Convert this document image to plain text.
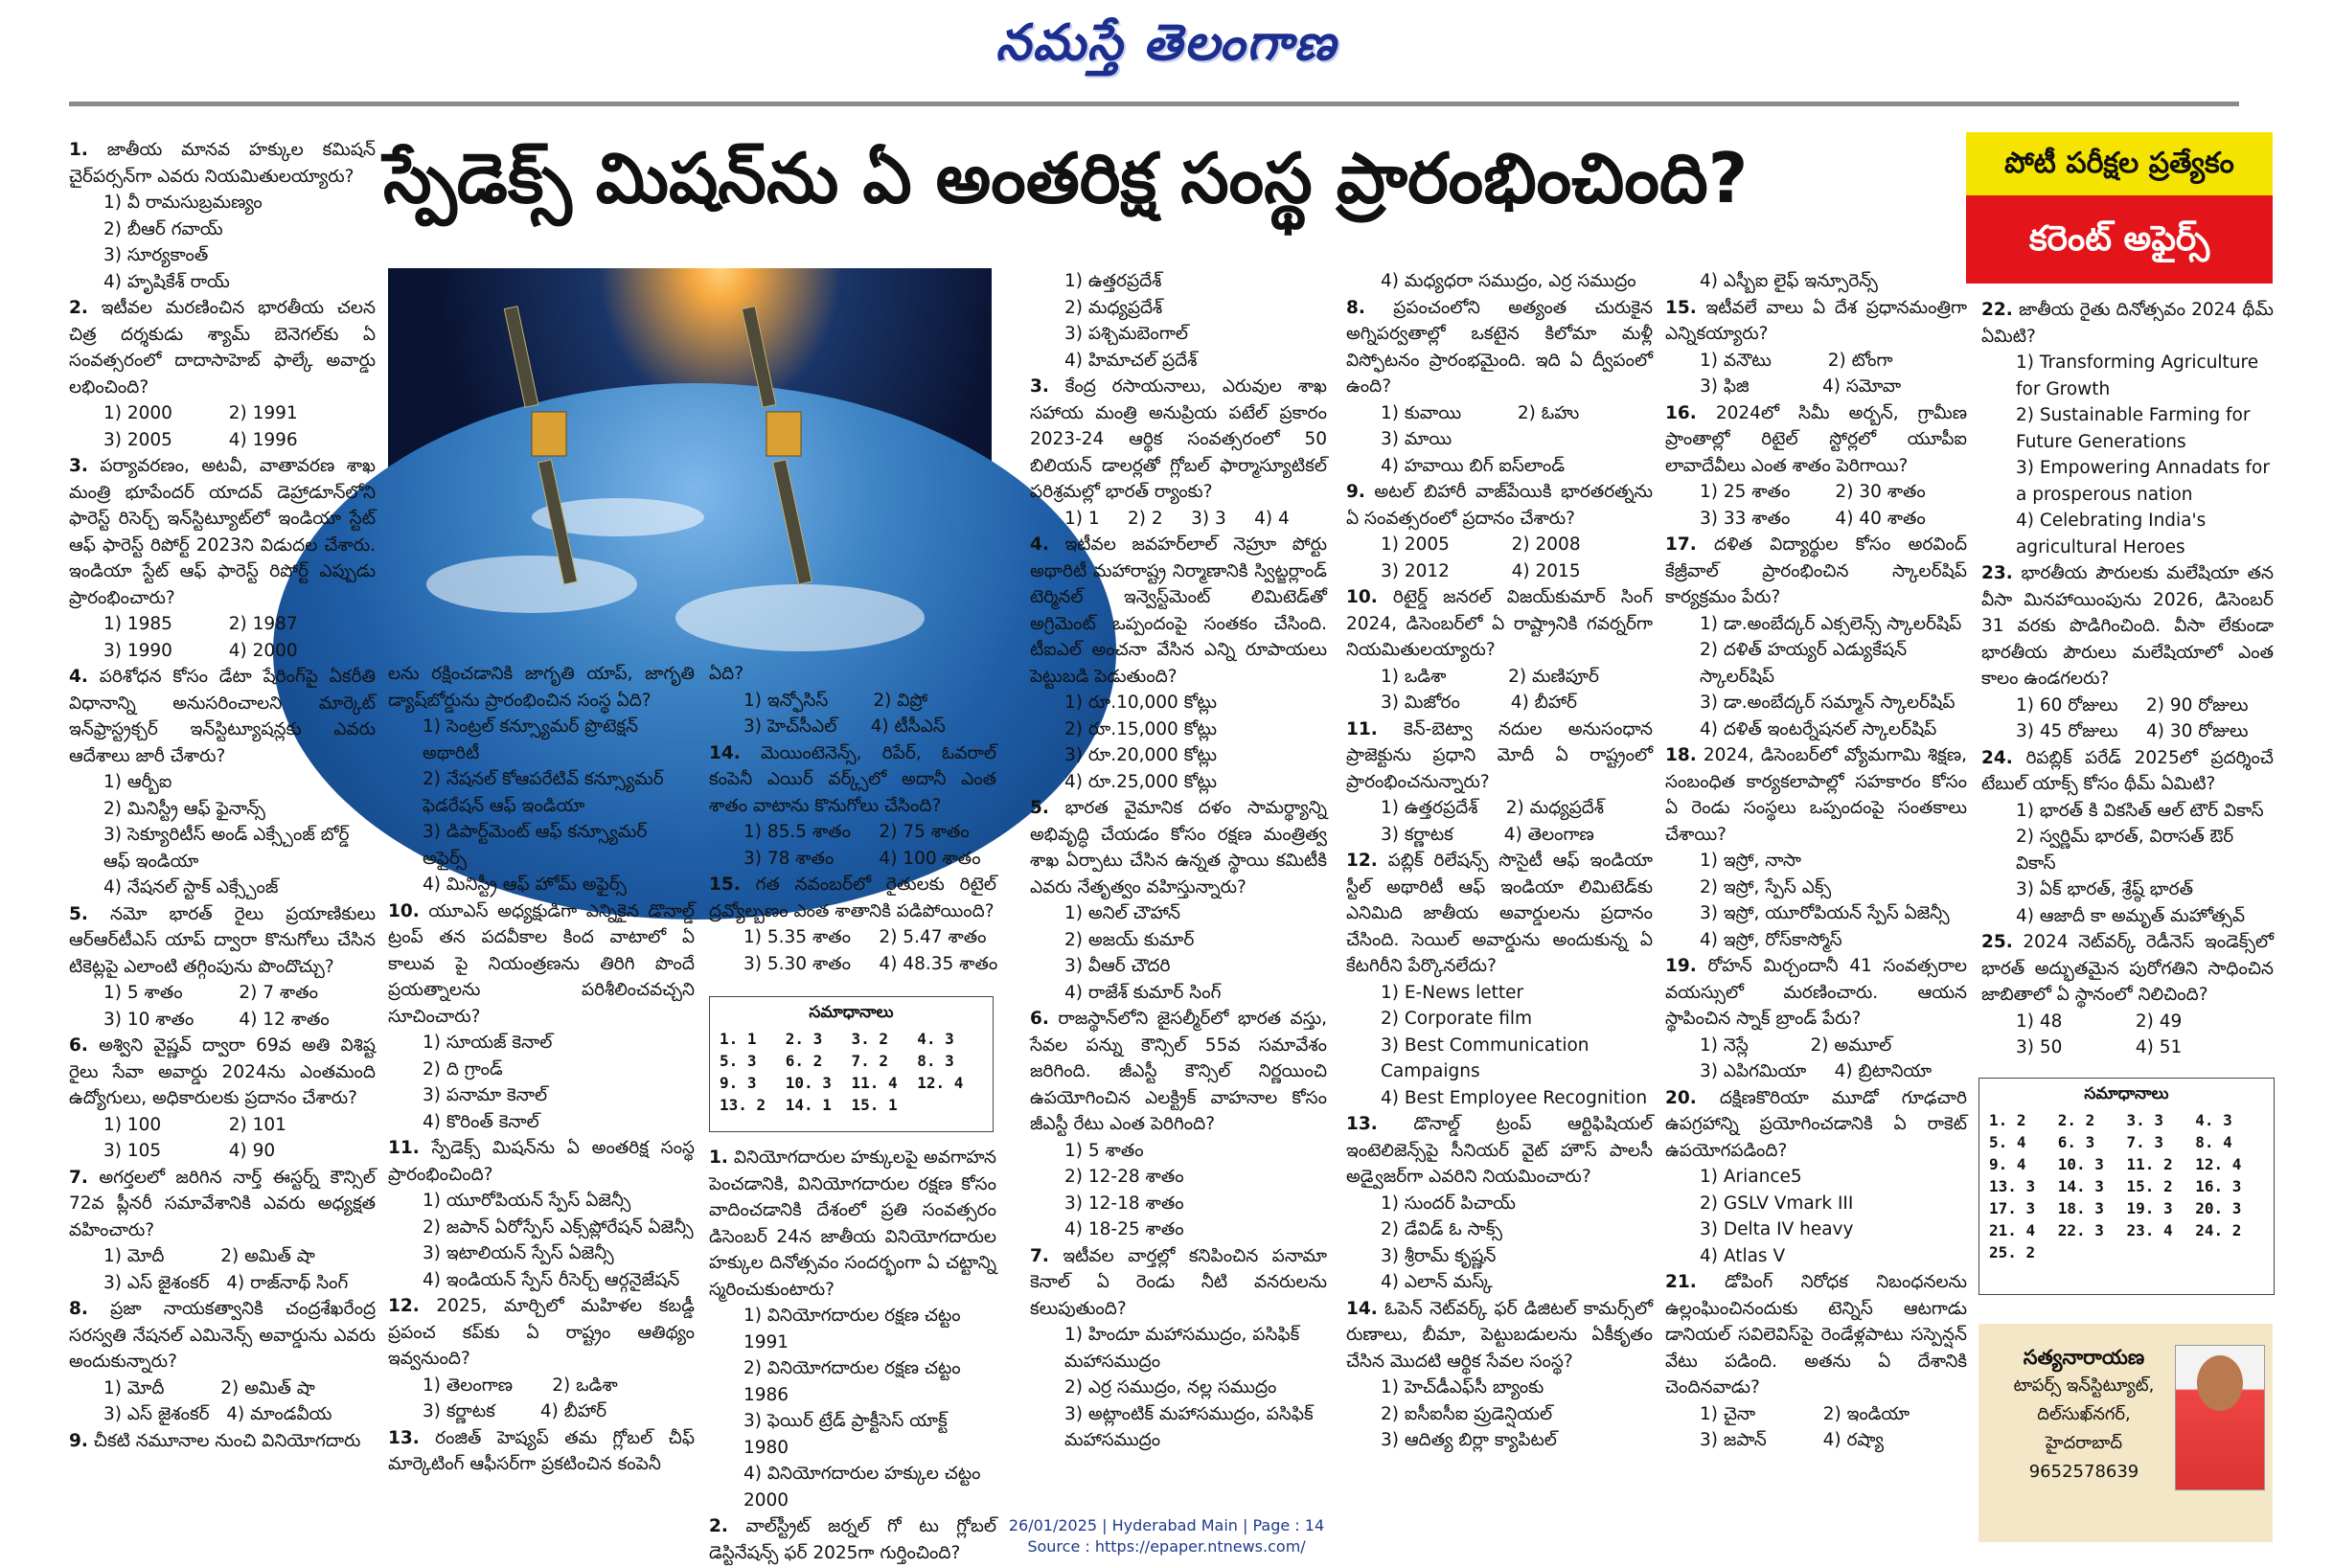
నమస్తే తెలంగాణ
స్పేడెక్స్ మిషన్‌ను ఏ అంతరిక్ష సంస్థ ప్రారంభించింది?	పోటీ పరీక్షల ప్రత్యేకం
కరెంట్ అఫైర్స్

1. జాతీయ మానవ హక్కుల కమిషన్ చైర్‌పర్సన్‌గా ఎవరు నియమితులయ్యారు?

1) వీ రామసుబ్రమణ్యం
2) బీఆర్ గవాయ్
3) సూర్యకాంత్
4) హృషికేశ్ రాయ్

2. ఇటీవల మరణించిన భారతీయ చలన చిత్ర దర్శకుడు శ్యామ్ బెనెగల్‌కు ఏ సంవత్సరంలో దాదాసాహెబ్ ఫాల్కే అవార్డు లభించింది?

1) 2000          2) 1991
3) 2005          4) 1996

3. పర్యావరణం, అటవీ, వాతావరణ శాఖ మంత్రి భూపేందర్ యాదవ్ డెహ్రాడూన్‌లోని ఫారెస్ట్ రిసెర్చ్ ఇన్‌స్టిట్యూట్‌లో ఇండియా స్టేట్ ఆఫ్ ఫారెస్ట్ రిపోర్ట్ 2023ని విడుదల చేశారు. ఇండియా స్టేట్ ఆఫ్ ఫారెస్ట్ రిపోర్ట్ ఎప్పుడు ప్రారంభించారు?

1) 1985          2) 1987
3) 1990          4) 2000

4. పరిశోధన కోసం డేటా షేరింగ్‌పై ఏకరీతి విధానాన్ని అనుసరించాలని మార్కెట్ ఇన్‌ఫ్రాస్ట్రక్చర్ ఇన్‌స్టిట్యూషన్లకు ఎవరు ఆదేశాలు జారీ చేశారు?

1) ఆర్బీఐ
2) మినిస్ట్రీ ఆఫ్ ఫైనాన్స్
3) సెక్యూరిటీస్ అండ్ ఎక్స్చేంజ్ బోర్డ్ ఆఫ్ ఇండియా
4) నేషనల్ స్టాక్ ఎక్స్చేంజ్

5. నమో భారత్ రైలు ప్రయాణికులు ఆర్ఆర్‌టీఎస్ యాప్ ద్వారా కొనుగోలు చేసిన టికెట్లపై ఎలాంటి తగ్గింపును పొందొచ్చు?

1) 5 శాతం          2) 7 శాతం
3) 10 శాతం        4) 12 శాతం

6. అశ్విని వైష్ణవ్ ద్వారా 69వ అతి విశిష్ట రైలు సేవా అవార్డు 2024ను ఎంతమంది ఉద్యోగులు, అధికారులకు ప్రదానం చేశారు?

1) 100            2) 101
3) 105            4) 90

7. అగర్తలలో జరిగిన నార్త్ ఈస్టర్న్ కౌన్సిల్ 72వ ప్లీనరీ సమావేశానికి ఎవరు అధ్యక్షత వహించారు?

1) మోదీ          2) అమిత్ షా
3) ఎస్ జైశంకర్   4) రాజ్‌నాథ్ సింగ్

8. ప్రజా నాయకత్వానికి చంద్రశేఖరేంద్ర సరస్వతి నేషనల్ ఎమినెన్స్ అవార్డును ఎవరు అందుకున్నారు?

1) మోదీ          2) అమిత్ షా
3) ఎస్ జైశంకర్   4) మాండవీయ

9. చీకటి నమూనాల నుంచి వినియోగదారు

లను రక్షించడానికి జాగృతి యాప్, జాగృతి డ్యాష్‌బోర్డును ప్రారంభించిన సంస్థ ఏది?

1) సెంట్రల్ కన్స్యూమర్ ప్రొటెక్షన్ అథారిటీ
2) నేషనల్ కోఆపరేటివ్ కన్స్యూమర్ ఫెడరేషన్ ఆఫ్ ఇండియా
3) డిపార్ట్‌మెంట్ ఆఫ్ కన్స్యూమర్ అఫైర్స్
4) మినిస్ట్రీ ఆఫ్ హోమ్ అఫైర్స్

10. యూఎస్ అధ్యక్షుడిగా ఎన్నికైన డొనాల్డ్ ట్రంప్ తన పదవీకాల కింద వాటాలో ఏ కాలువ పై నియంత్రణను తిరిగి పొందే ప్రయత్నాలను పరిశీలించవచ్చని సూచించారు?

1) సూయజ్ కెనాల్
2) ది గ్రాండ్
3) పనామా కెనాల్
4) కొరింత్ కెనాల్

11. స్పేడెక్స్ మిషన్‌ను ఏ అంతరిక్ష సంస్థ ప్రారంభించింది?

1) యూరోపియన్ స్పేస్ ఏజెన్సీ
2) జపాన్ ఏరోస్పేస్ ఎక్స్‌ప్లోరేషన్ ఏజెన్సీ
3) ఇటాలియన్ స్పేస్ ఏజెన్సీ
4) ఇండియన్ స్పేస్ రీసెర్చ్ ఆర్గనైజేషన్

12. 2025, మార్చిలో మహిళల కబడ్డీ ప్రపంచ కప్‌కు ఏ రాష్ట్రం ఆతిథ్యం ఇవ్వనుంది?

1) తెలంగాణ       2) ఒడిశా
3) కర్ణాటక        4) బీహార్

13. రంజిత్ హెష్యప్ తమ గ్లోబల్ చీఫ్ మార్కెటింగ్ ఆఫీసర్‌గా ప్రకటించిన కంపెనీ

ఏది?

1) ఇన్ఫోసిస్        2) విప్రో
3) హెచ్‌సీఎల్      4) టీసీఎస్

14. మెయింటెనెన్స్, రిపేర్, ఓవరాల్ కంపెనీ ఎయిర్ వర్క్స్‌లో అదానీ ఎంత శాతం వాటాను కొనుగోలు చేసింది?

1) 85.5 శాతం     2) 75 శాతం
3) 78 శాతం        4) 100 శాతం

15. గత నవంబర్‌లో రైతులకు రిటైల్ ద్రవ్యోల్బణం ఎంత శాతానికి పడిపోయింది?

1) 5.35 శాతం     2) 5.47 శాతం
3) 5.30 శాతం     4) 48.35 శాతం
సమాధానాలు
1. 1	2. 3	3. 2	4. 3
5. 3	6. 2	7. 2	8. 3
9. 3	10. 3	11. 4	12. 4
13. 2	14. 1	15. 1

1. వినియోగదారుల హక్కులపై అవగాహన పెంచడానికి, వినియోగదారుల రక్షణ కోసం వాదించడానికి దేశంలో ప్రతి సంవత్సరం డిసెంబర్ 24న జాతీయ వినియోగదారుల హక్కుల దినోత్సవం సందర్భంగా ఏ చట్టాన్ని స్మరించుకుంటారు?

1) వినియోగదారుల రక్షణ చట్టం 1991
2) వినియోగదారుల రక్షణ చట్టం 1986
3) ఫెయిర్ ట్రేడ్ ప్రాక్టీసెస్ యాక్ట్ 1980
4) వినియోగదారుల హక్కుల చట్టం 2000

2. వాల్‌స్ట్రీట్ జర్నల్ గో టు గ్లోబల్ డెస్టినేషన్స్ ఫర్ 2025గా గుర్తించింది?

1) ఉత్తరప్రదేశ్
2) మధ్యప్రదేశ్
3) పశ్చిమబెంగాల్
4) హిమాచల్ ప్రదేశ్

3. కేంద్ర రసాయనాలు, ఎరువుల శాఖ సహాయ మంత్రి అనుప్రియ పటేల్ ప్రకారం 2023-24 ఆర్థిక సంవత్సరంలో 50 బిలియన్ డాలర్లతో గ్లోబల్ ఫార్మాస్యూటికల్ పరిశ్రమల్లో భారత్ ర్యాంకు?

1) 1     2) 2     3) 3     4) 4

4. ఇటీవల జవహర్‌లాల్ నెహ్రూ పోర్టు అథారిటీ మహారాష్ట్ర నిర్మాణానికి స్విట్జర్లాండ్ టెర్మినల్ ఇన్వెస్ట్‌మెంట్ లిమిటెడ్‌తో అగ్రిమెంట్ ఒప్పందంపై సంతకం చేసింది. టీఐఎల్ అంచనా వేసిన ఎన్ని రూపాయలు పెట్టుబడి పెడుతుంది?

1) రూ.10,000 కోట్లు
2) రూ.15,000 కోట్లు
3) రూ.20,000 కోట్లు
4) రూ.25,000 కోట్లు

5. భారత వైమానిక దళం సామర్థ్యాన్ని అభివృద్ధి చేయడం కోసం రక్షణ మంత్రిత్వ శాఖ ఏర్పాటు చేసిన ఉన్నత స్థాయి కమిటీకి ఎవరు నేతృత్వం వహిస్తున్నారు?

1) అనిల్ చౌహాన్
2) అజయ్ కుమార్
3) వీఆర్ చౌదరి
4) రాజేశ్ కుమార్ సింగ్

6. రాజస్థాన్‌లోని జైసల్మీర్‌లో భారత వస్తు, సేవల పన్ను కౌన్సిల్ 55వ సమావేశం జరిగింది. జీఎస్టీ కౌన్సిల్ నిర్ణయించి ఉపయోగించిన ఎలక్ట్రిక్ వాహనాల కోసం జీఎస్టీ రేటు ఎంత పెరిగింది?

1) 5 శాతం
2) 12-28 శాతం
3) 12-18 శాతం
4) 18-25 శాతం

7. ఇటీవల వార్తల్లో కనిపించిన పనామా కెనాల్ ఏ రెండు నీటి వనరులను కలుపుతుంది?

1) హిందూ మహాసముద్రం, పసిఫిక్ మహాసముద్రం
2) ఎర్ర సముద్రం, నల్ల సముద్రం
3) అట్లాంటిక్ మహాసముద్రం, పసిఫిక్ మహాసముద్రం
4) మధ్యధరా సముద్రం, ఎర్ర సముద్రం

8. ప్రపంచంలోని అత్యంత చురుకైన అగ్నిపర్వతాల్లో ఒకటైన కిలోమా మళ్లీ విస్ఫోటనం ప్రారంభమైంది. ఇది ఏ ద్వీపంలో ఉంది?

1) కువాయి          2) ఓహు
3) మాయి
4) హవాయి బిగ్ ఐస్‌లాండ్

9. అటల్ బిహారీ వాజ్‌పేయికి భారతరత్నను ఏ సంవత్సరంలో ప్రదానం చేశారు?

1) 2005           2) 2008
3) 2012           4) 2015

10. రిటైర్డ్ జనరల్ విజయ్‌కుమార్ సింగ్ 2024, డిసెంబర్‌లో ఏ రాష్ట్రానికి గవర్నర్‌గా నియమితులయ్యారు?

1) ఒడిశా           2) మణిపూర్
3) మిజోరం         4) బీహార్

11. కెన్-బెట్వా నదుల అనుసంధాన ప్రాజెక్టును ప్రధాని మోదీ ఏ రాష్ట్రంలో ప్రారంభించనున్నారు?

1) ఉత్తరప్రదేశ్     2) మధ్యప్రదేశ్
3) కర్ణాటక         4) తెలంగాణ

12. పబ్లిక్ రిలేషన్స్ సొసైటీ ఆఫ్ ఇండియా స్టీల్ అథారిటీ ఆఫ్ ఇండియా లిమిటెడ్‌కు ఎనిమిది జాతీయ అవార్డులను ప్రదానం చేసింది. సెయిల్ అవార్డును అందుకున్న ఏ కేటగిరీని పేర్కొనలేదు?

1) E-News letter
2) Corporate film
3) Best Communication Campaigns
4) Best Employee Recognition

13. డొనాల్డ్ ట్రంప్ ఆర్టిఫిషియల్ ఇంటెలిజెన్స్‌పై సీనియర్ వైట్ హౌస్ పాలసీ అడ్వైజర్‌గా ఎవరిని నియమించారు?

1) సుందర్ పిచాయ్
2) డేవిడ్ ఓ సాక్స్
3) శ్రీరామ్ కృష్ణన్
4) ఎలాన్ మస్క్

14. ఓపెన్ నెట్‌వర్క్ ఫర్ డిజిటల్ కామర్స్‌లో రుణాలు, బీమా, పెట్టుబడులను ఏకీకృతం చేసిన మొదటి ఆర్థిక సేవల సంస్థ?

1) హెచ్‌డీఎఫ్‌సీ బ్యాంకు
2) ఐసీఐసీఐ ప్రుడెన్షియల్
3) ఆదిత్య బిర్లా క్యాపిటల్
4) ఎస్బీఐ లైఫ్ ఇన్సూరెన్స్

15. ఇటీవలే వాలు ఏ దేశ ప్రధానమంత్రిగా ఎన్నికయ్యారు?

1) వనౌటు          2) టోంగా
3) ఫిజి             4) సమోవా

16. 2024లో సిమీ అర్బన్, గ్రామీణ ప్రాంతాల్లో రిటైల్ స్టోర్లలో యూపీఐ లావాదేవీలు ఎంత శాతం పెరిగాయి?

1) 25 శాతం        2) 30 శాతం
3) 33 శాతం        4) 40 శాతం

17. దళిత విద్యార్థుల కోసం అరవింద్ కేజ్రీవాల్ ప్రారంభించిన స్కాలర్‌షిప్ కార్యక్రమం పేరు?

1) డా.అంబేద్కర్ ఎక్సలెన్స్ స్కాలర్‌షిప్
2) దళిత్ హయ్యర్ ఎడ్యుకేషన్ స్కాలర్‌షిప్
3) డా.అంబేద్కర్ సమ్మాన్ స్కాలర్‌షిప్
4) దళిత్ ఇంటర్నేషనల్ స్కాలర్‌షిప్

18. 2024, డిసెంబర్‌లో వ్యోమగామి శిక్షణ, సంబంధిత కార్యకలాపాల్లో సహకారం కోసం ఏ రెండు సంస్థలు ఒప్పందంపై సంతకాలు చేశాయి?

1) ఇస్రో, నాసా
2) ఇస్రో, స్పేస్ ఎక్స్
3) ఇస్రో, యూరోపియన్ స్పేస్ ఏజెన్సీ
4) ఇస్రో, రోస్‌కాస్మోస్

19. రోహన్ మిర్చందానీ 41 సంవత్సరాల వయస్సులో మరణించారు. ఆయన స్థాపించిన స్నాక్ బ్రాండ్ పేరు?

1) నెస్లే           2) అమూల్
3) ఎపిగమియా     4) బ్రిటానియా

20. దక్షిణకొరియా మూడో గూఢచారి ఉపగ్రహాన్ని ప్రయోగించడానికి ఏ రాకెట్ ఉపయోగపడింది?

1) Ariance5
2) GSLV Vmark III
3) Delta IV heavy
4) Atlas V

21. డోపింగ్ నిరోధక నిబంధనలను ఉల్లంఘించినందుకు టెన్నిస్ ఆటగాడు డానియల్ సవిలెవిస్‌పై రెండేళ్లపాటు సస్పెన్షన్ వేటు పడింది. అతను ఏ దేశానికి చెందినవాడు?

1) చైనా            2) ఇండియా
3) జపాన్          4) రష్యా

22. జాతీయ రైతు దినోత్సవం 2024 థీమ్ ఏమిటి?

1) Transforming Agriculture for Growth
2) Sustainable Farming for Future Generations
3) Empowering Annadats for a prosperous nation
4) Celebrating India's agricultural Heroes

23. భారతీయ పౌరులకు మలేషియా తన వీసా మినహాయింపును 2026, డిసెంబర్ 31 వరకు పొడిగించింది. వీసా లేకుండా భారతీయ పౌరులు మలేషియాలో ఎంత కాలం ఉండగలరు?

1) 60 రోజులు     2) 90 రోజులు
3) 45 రోజులు     4) 30 రోజులు

24. రిపబ్లిక్ పరేడ్ 2025లో ప్రదర్శించే టేబుల్ యాక్స్ కోసం థీమ్ ఏమిటి?

1) భారత్ కి వికసిత్ ఆల్ టౌర్ వికాస్
2) స్వర్ణిమ్ భారత్, విరాసత్ ఔర్ వికాస్
3) ఏక్ భారత్, శ్రేష్ఠ్ భారత్
4) ఆజాదీ కా అమృత్ మహోత్సవ్

25. 2024 నెట్‌వర్క్ రెడీనెస్ ఇండెక్స్‌లో భారత్ అద్భుతమైన పురోగతిని సాధించిన జాబితాలో ఏ స్థానంలో నిలిచింది?

1) 48             2) 49
3) 50             4) 51
సమాధానాలు
1. 2	2. 2	3. 3	4. 3
5. 4	6. 3	7. 3	8. 4
9. 4	10. 3	11. 2	12. 4
13. 3	14. 3	15. 2	16. 3
17. 3	18. 3	19. 3	20. 3
21. 4	22. 3	23. 4	24. 2
25. 2
సత్యనారాయణ
టాపర్స్ ఇన్‌స్టిట్యూట్,
దిల్‌సుఖ్‌నగర్,
హైదరాబాద్
9652578639
26/01/2025 | Hyderabad Main | Page : 14
Source : https://epaper.ntnews.com/
